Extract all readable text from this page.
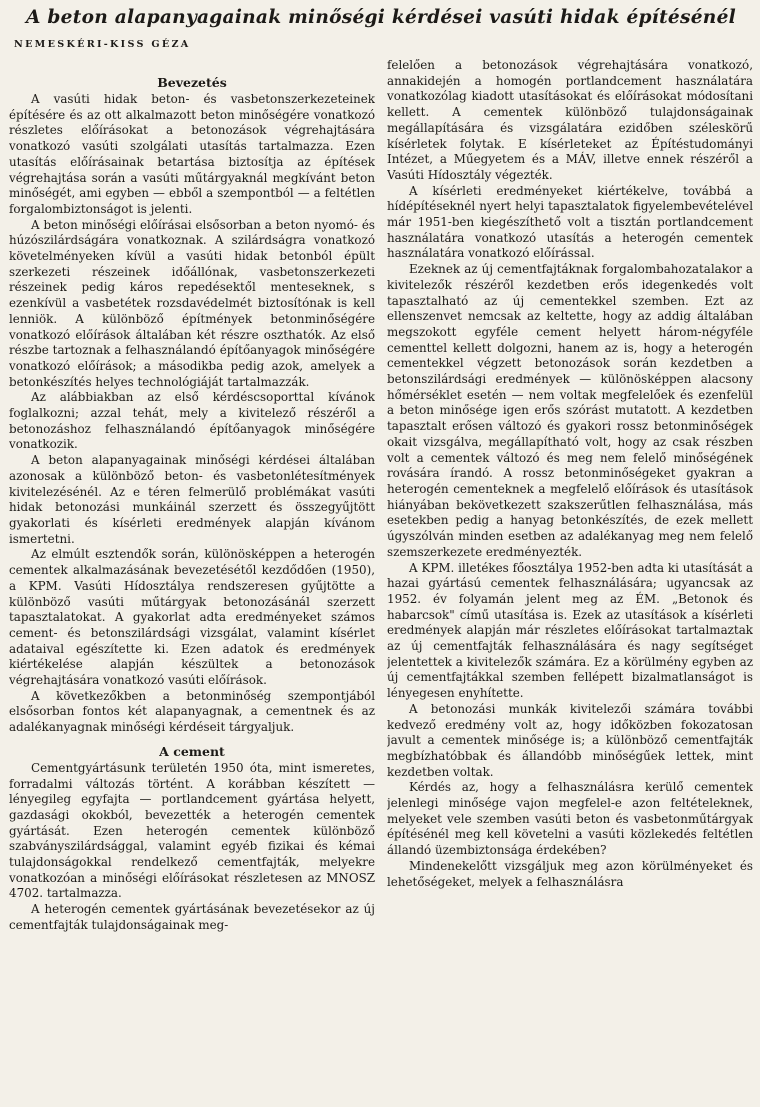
A beton alapanyagainak minőségi kérdései vasúti hidak építésénél
NEMESKÉRI-KISS GÉZA
Bevezetés

A vasúti hidak beton- és vasbetonszerkezeteinek építésére és az ott alkalmazott beton minőségére vonatkozó részletes előírásokat a betonozások végrehajtására vonatkozó vasúti szolgálati utasítás tartalmazza. Ezen utasítás előírásainak betartása biztosítja az építések végrehajtása során a vasúti műtárgyaknál megkívánt beton minőségét, ami egyben — ebből a szempontból — a feltétlen forgalombiztonságot is jelenti.

A beton minőségi előírásai elsősorban a beton nyomó- és húzószilárdságára vonatkoznak. A szilárdságra vonatkozó követelményeken kívül a vasúti hidak betonból épült szerkezeti részeinek időállónak, vasbetonszerkezeti részeinek pedig káros repedésektől menteseknek, s ezenkívül a vasbetétek rozsdavédelmét biztosítónak is kell lenniök. A különböző építmények betonminőségére vonatkozó előírások általában két részre oszthatók. Az első részbe tartoznak a felhasználandó építőanyagok minőségére vonatkozó előírások; a másodikba pedig azok, amelyek a betonkészítés helyes technológiáját tartalmazzák.

Az alábbiakban az első kérdéscsoporttal kívánok foglalkozni; azzal tehát, mely a kivitelező részéről a betonozáshoz felhasználandó építőanyagok minőségére vonatkozik.

A beton alapanyagainak minőségi kérdései általában azonosak a különböző beton- és vasbetonlétesítmények kivitelezésénél. Az e téren felmerülő problémákat vasúti hidak betonozási munkáinál szerzett és összegyűjtött gyakorlati és kísérleti eredmények alapján kívánom ismertetni.

Az elmúlt esztendők során, különösképpen a heterogén cementek alkalmazásának bevezetésétől kezdődően (1950), a KPM. Vasúti Hídosztálya rendszeresen gyűjtötte a különböző vasúti műtárgyak betonozásánál szerzett tapasztalatokat. A gyakorlat adta eredményeket számos cement- és betonszilárdsági vizsgálat, valamint kísérlet adataival egészítette ki. Ezen adatok és eredmények kiértékelése alapján készültek a betonozások végrehajtására vonatkozó vasúti előírások.

A következőkben a betonminőség szempontjából elsősorban fontos két alapanyagnak, a cementnek és az adalékanyagnak minőségi kérdéseit tárgyaljuk.

A cement

Cementgyártásunk területén 1950 óta, mint ismeretes, forradalmi változás történt. A korábban készített — lényegileg egyfajta — portlandcement gyártása helyett, gazdasági okokból, bevezették a heterogén cementek gyártását. Ezen heterogén cementek különböző szabványszilárdsággal, valamint egyéb fizikai és kémai tulajdonságokkal rendelkező cementfajták, melyekre vonatkozóan a minőségi előírásokat részletesen az MNOSZ 4702. tartalmazza.

A heterogén cementek gyártásának bevezetésekor az új cementfajták tulajdonságainak meg-

felelően a betonozások végrehajtására vonatkozó, annakidején a homogén portlandcement használatára vonatkozólag kiadott utasításokat és előírásokat módosítani kellett. A cementek különböző tulajdonságainak megállapítására és vizsgálatára ezidőben széleskörű kísérletek folytak. E kísérleteket az Építéstudományi Intézet, a Műegyetem és a MÁV, illetve ennek részéről a Vasúti Hídosztály végezték.

A kísérleti eredményeket kiértékelve, továbbá a hídépítéseknél nyert helyi tapasztalatok figyelembevételével már 1951-ben kiegészíthető volt a tisztán portlandcement használatára vonatkozó utasítás a heterogén cementek használatára vonatkozó előírással.

Ezeknek az új cementfajtáknak forgalombahozatalakor a kivitelezők részéről kezdetben erős idegenkedés volt tapasztalható az új cementekkel szemben. Ezt az ellenszenvet nemcsak az keltette, hogy az addig általában megszokott egyféle cement helyett három-négyféle cementtel kellett dolgozni, hanem az is, hogy a heterogén cementekkel végzett betonozások során kezdetben a betonszilárdsági eredmények — különösképpen alacsony hőmérséklet esetén — nem voltak megfelelőek és ezenfelül a beton minősége igen erős szórást mutatott. A kezdetben tapasztalt erősen változó és gyakori rossz betonminőségek okait vizsgálva, megállapítható volt, hogy az csak részben volt a cementek változó és meg nem felelő minőségének rovására írandó. A rossz betonminőségeket gyakran a heterogén cementeknek a megfelelő előírások és utasítások hiányában bekövetkezett szakszerűtlen felhasználása, más esetekben pedig a hanyag betonkészítés, de ezek mellett úgyszólván minden esetben az adalékanyag meg nem felelő szemszerkezete eredményezték.

A KPM. illetékes főosztálya 1952-ben adta ki utasítását a hazai gyártású cementek felhasználására; ugyancsak az 1952. év folyamán jelent meg az ÉM. „Betonok és habarcsok" című utasítása is. Ezek az utasítások a kísérleti eredmények alapján már részletes előírásokat tartalmaztak az új cementfajták felhasználására és nagy segítséget jelentettek a kivitelezők számára. Ez a körülmény egyben az új cementfajtákkal szemben fellépett bizalmatlanságot is lényegesen enyhítette.

A betonozási munkák kivitelezői számára további kedvező eredmény volt az, hogy időközben fokozatosan javult a cementek minősége is; a különböző cementfajták megbízhatóbbak és állandóbb minőségűek lettek, mint kezdetben voltak.

Kérdés az, hogy a felhasználásra kerülő cementek jelenlegi minősége vajon megfelel-e azon feltételeknek, melyeket vele szemben vasúti beton és vasbetonműtárgyak építésénél meg kell követelni a vasúti közlekedés feltétlen állandó üzembiztonsága érdekében?

Mindenekelőtt vizsgáljuk meg azon körülményeket és lehetőségeket, melyek a felhasználásra
